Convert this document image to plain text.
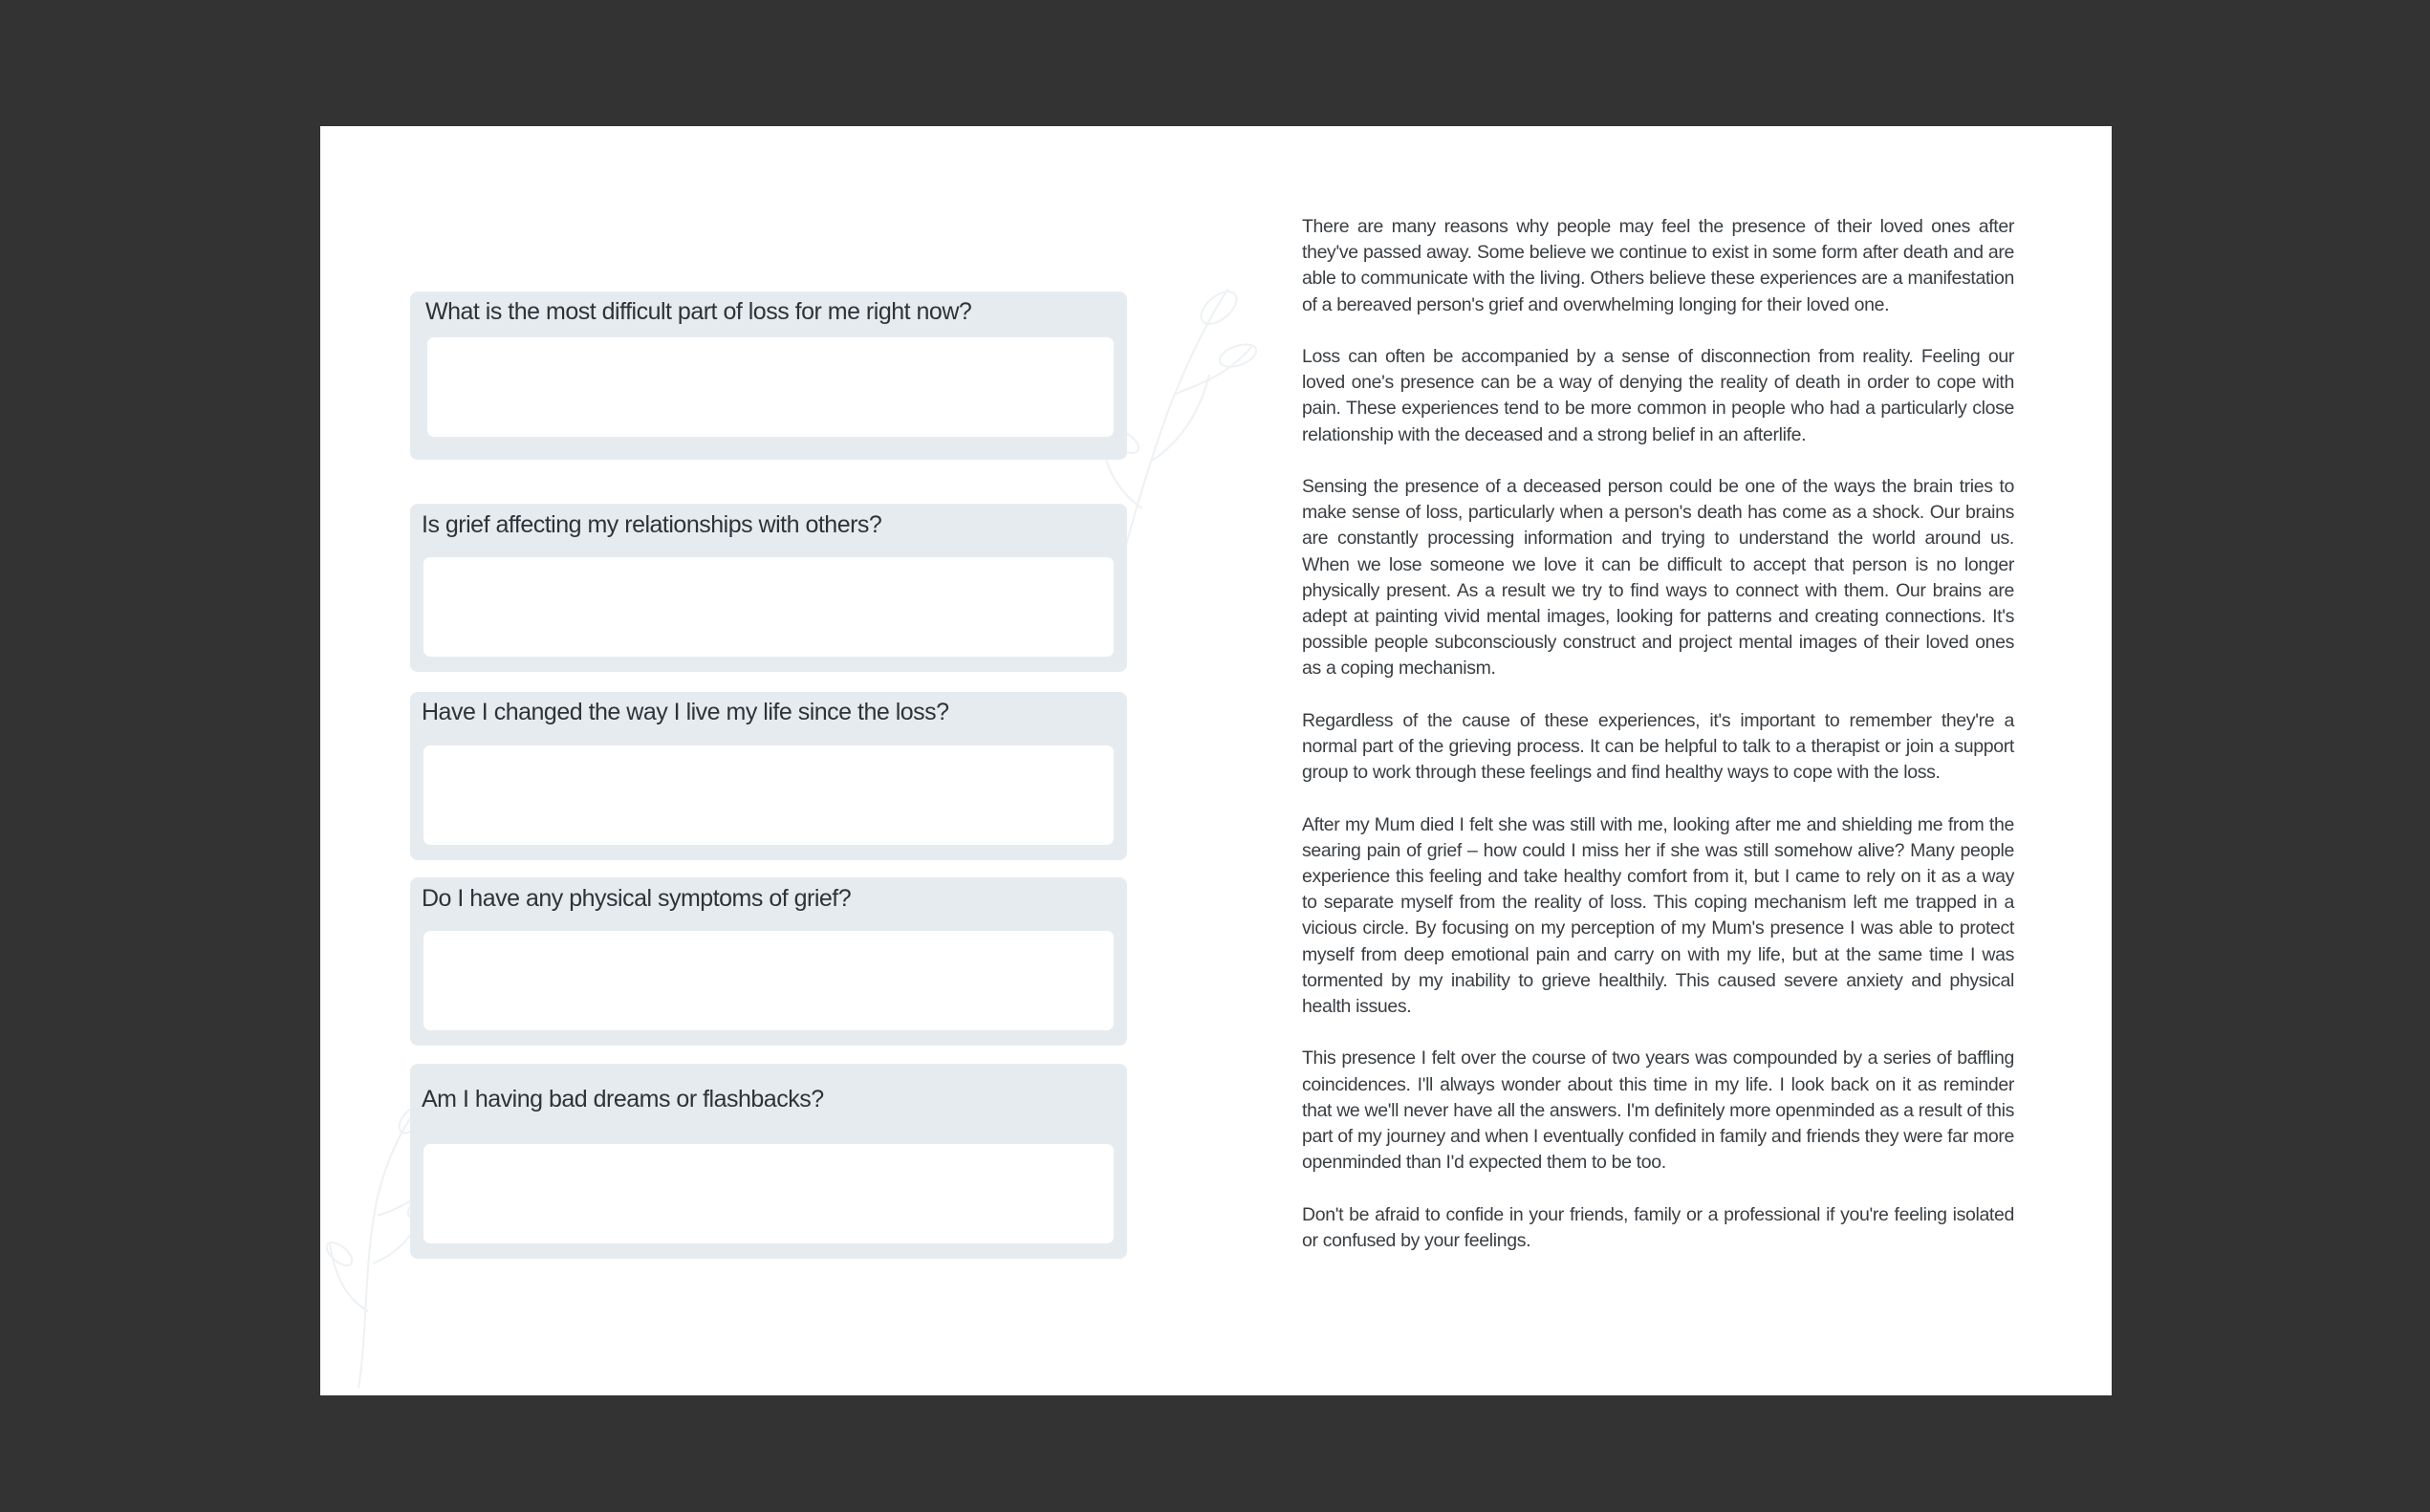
What is the most difficult part of loss for me right now?
Is grief affecting my relationships with others?
Have I changed the way I live my life since the loss?
Do I have any physical symptoms of grief?
Am I having bad dreams or flashbacks?

There are many reasons why people may feel the presence of their loved ones after they've passed away. Some believe we continue to exist in some form after death and are able to communicate with the living. Others believe these experiences are a manifestation of a bereaved person's grief and overwhelming longing for their loved one.

Loss can often be accompanied by a sense of disconnection from reality. Feeling our loved one's presence can be a way of denying the reality of death in order to cope with pain. These experiences tend to be more common in people who had a particularly close relationship with the deceased and a strong belief in an afterlife.

Sensing the presence of a deceased person could be one of the ways the brain tries to make sense of loss, particularly when a person's death has come as a shock. Our brains are constantly processing information and trying to understand the world around us. When we lose someone we love it can be difficult to accept that person is no longer physically present. As a result we try to find ways to connect with them. Our brains are adept at painting vivid mental images, looking for patterns and creating connections. It's possible people subconsciously construct and project mental images of their loved ones as a coping mechanism.

Regardless of the cause of these experiences, it's important to remember they're a normal part of the grieving process. It can be helpful to talk to a therapist or join a support group to work through these feelings and find healthy ways to cope with the loss.

After my Mum died I felt she was still with me, looking after me and shielding me from the searing pain of grief – how could I miss her if she was still somehow alive? Many people experience this feeling and take healthy comfort from it, but I came to rely on it as a way to separate myself from the reality of loss. This coping mechanism left me trapped in a vicious circle. By focusing on my perception of my Mum's presence I was able to protect myself from deep emotional pain and carry on with my life, but at the same time I was tormented by my inability to grieve healthily. This caused severe anxiety and physical health issues.

This presence I felt over the course of two years was compounded by a series of baffling coincidences. I'll always wonder about this time in my life. I look back on it as reminder that we we'll never have all the answers. I'm definitely more openminded as a result of this part of my journey and when I eventually confided in family and friends they were far more openminded than I'd expected them to be too.

Don't be afraid to confide in your friends, family or a professional if you're feeling isolated or confused by your feelings.
